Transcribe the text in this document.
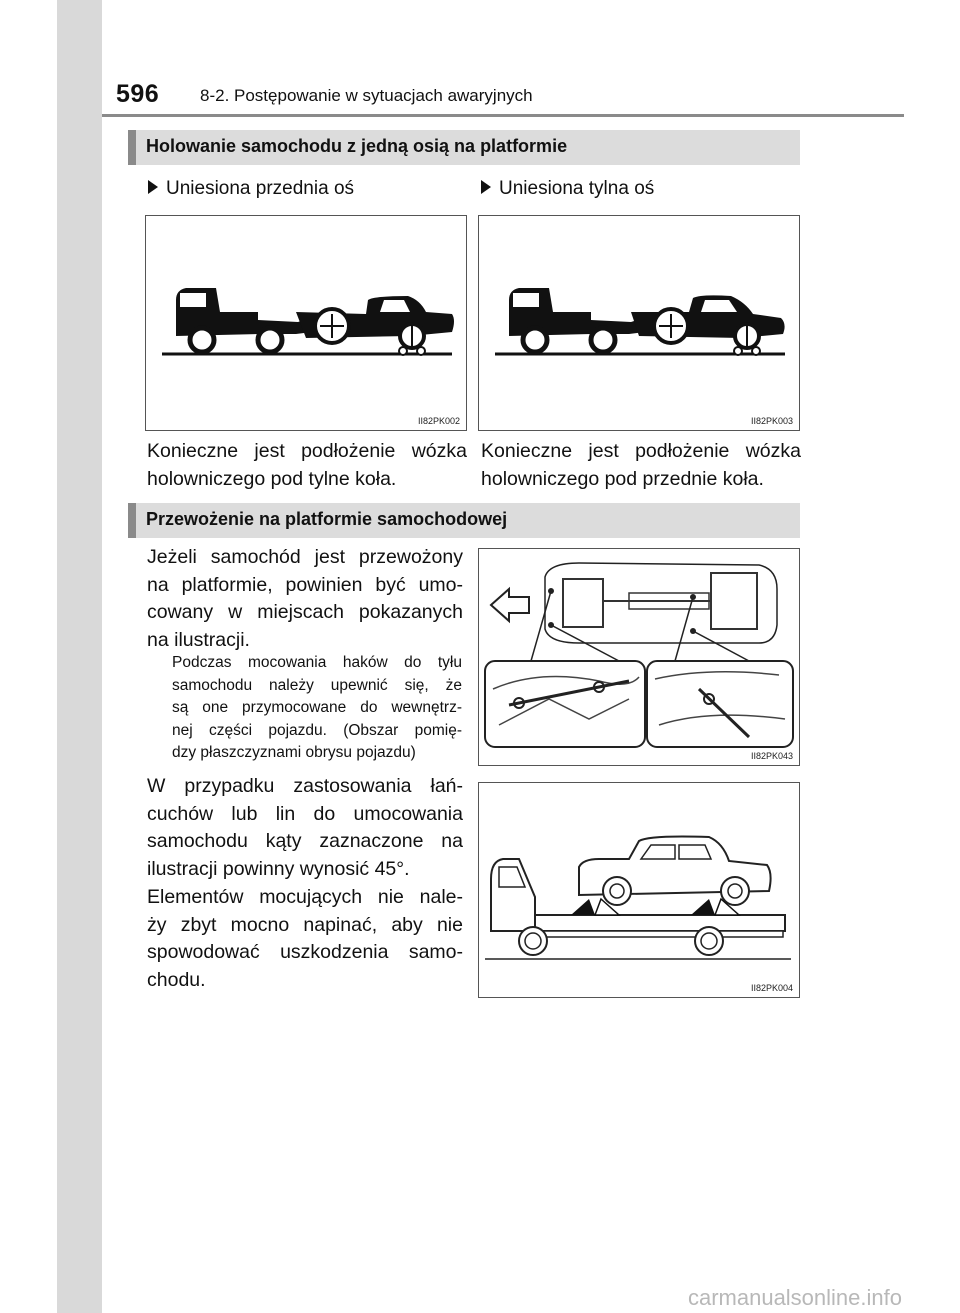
596 8-2. Postępowanie w sytuacjach awaryjnych
Holowanie samochodu z jedną osią na platformie
Uniesiona przednia oś	Uniesiona tylna oś
II82PK002	II82PK003
Konieczne jest podłożenie wózka
holowniczego pod tylne koła.
Konieczne jest podłożenie wózka
holowniczego pod przednie koła.
Przewożenie na platformie samochodowej
Jeżeli samochód jest przewożony
na platformie, powinien być umo-
cowany w miejscach pokazanych
na ilustracji.
Podczas mocowania haków do tyłu
samochodu należy upewnić się, że
są one przymocowane do wewnętrz-
nej części pojazdu. (Obszar pomię-
dzy płaszczyznami obrysu pojazdu)
W przypadku zastosowania łań-
cuchów lub lin do umocowania
samochodu kąty zaznaczone na
ilustracji powinny wynosić 45°.
Elementów mocujących nie nale-
ży zbyt mocno napinać, aby nie
spowodować uszkodzenia samo-
chodu.
II82PK043
II82PK004
carmanualsonline.info
